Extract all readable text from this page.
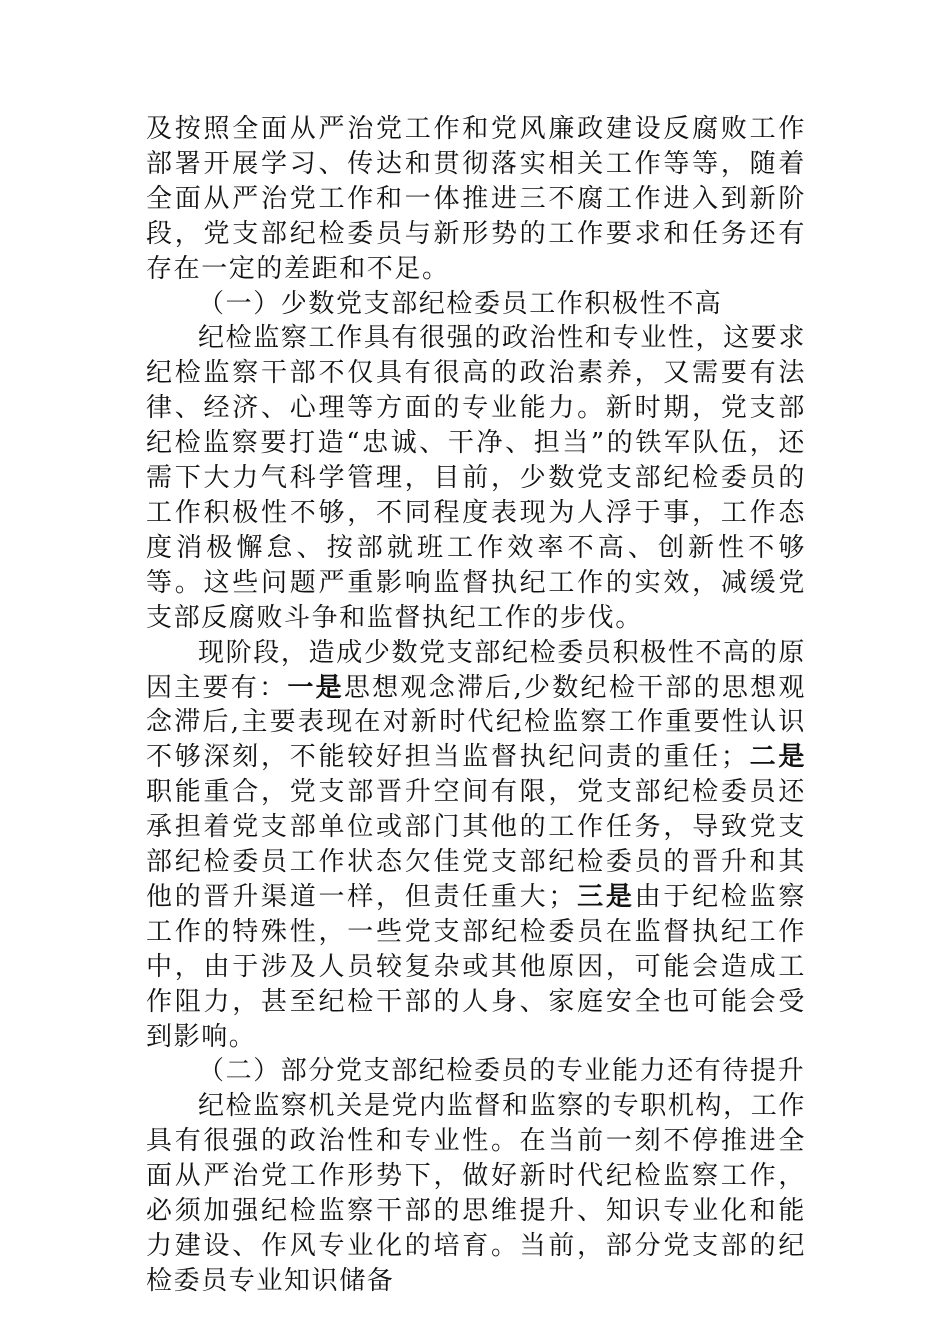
及按照全面从严治党工作和党风廉政建设反腐败工作部署开展学习、传达和贯彻落实相关工作等等，随着全面从严治党工作和一体推进三不腐工作进入到新阶段，党支部纪检委员与新形势的工作要求和任务还有存在一定的差距和不足。

（一）少数党支部纪检委员工作积极性不高

纪检监察工作具有很强的政治性和专业性，这要求纪检监察干部不仅具有很高的政治素养，又需要有法律、经济、心理等方面的专业能力。新时期，党支部纪检监察要打造“忠诚、干净、担当”的铁军队伍，还需下大力气科学管理，目前，少数党支部纪检委员的工作积极性不够，不同程度表现为人浮于事，工作态度消极懈怠、按部就班工作效率不高、创新性不够等。这些问题严重影响监督执纪工作的实效，减缓党支部反腐败斗争和监督执纪工作的步伐。

现阶段，造成少数党支部纪检委员积极性不高的原因主要有：一是思想观念滞后,少数纪检干部的思想观念滞后,主要表现在对新时代纪检监察工作重要性认识不够深刻，不能较好担当监督执纪问责的重任；二是职能重合，党支部晋升空间有限，党支部纪检委员还承担着党支部单位或部门其他的工作任务，导致党支部纪检委员工作状态欠佳党支部纪检委员的晋升和其他的晋升渠道一样，但责任重大；三是由于纪检监察工作的特殊性，一些党支部纪检委员在监督执纪工作中，由于涉及人员较复杂或其他原因，可能会造成工作阻力，甚至纪检干部的人身、家庭安全也可能会受到影响。

（二）部分党支部纪检委员的专业能力还有待提升

纪检监察机关是党内监督和监察的专职机构，工作具有很强的政治性和专业性。在当前一刻不停推进全面从严治党工作形势下，做好新时代纪检监察工作，必须加强纪检监察干部的思维提升、知识专业化和能力建设、作风专业化的培育。当前，部分党支部的纪检委员专业知识储备
